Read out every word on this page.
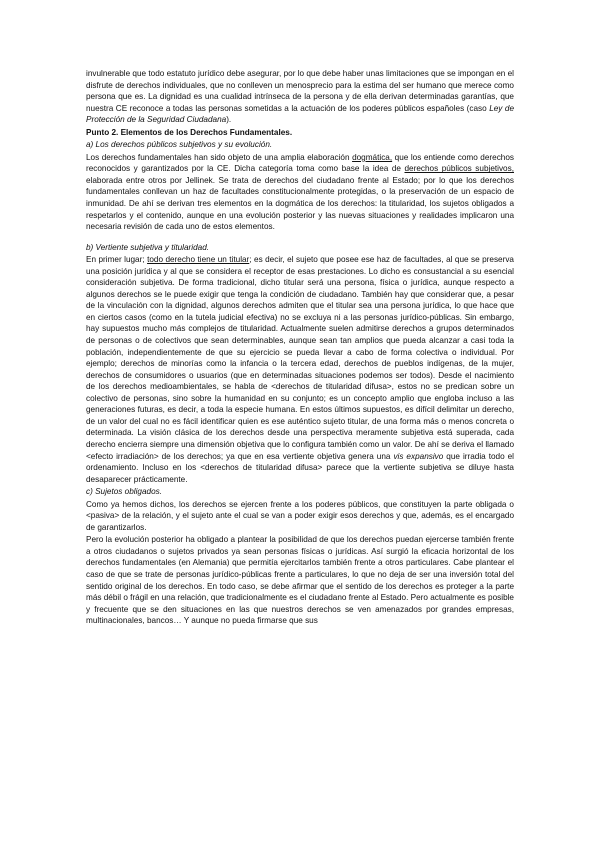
invulnerable que todo estatuto jurídico debe asegurar, por lo que debe haber unas limitaciones que se impongan en el disfrute de derechos individuales, que no conlleven un menosprecio para la estima del ser humano que merece como persona que es. La dignidad es una cualidad intrínseca de la persona y de ella derivan determinadas garantías, que nuestra CE reconoce a todas las personas sometidas a la actuación de los poderes públicos españoles (caso Ley de Protección de la Seguridad Ciudadana).

Punto 2. Elementos de los Derechos Fundamentales.

a) Los derechos públicos subjetivos y su evolución.

Los derechos fundamentales han sido objeto de una amplia elaboración dogmática, que los entiende como derechos reconocidos y garantizados por la CE. Dicha categoría toma como base la idea de derechos públicos subjetivos, elaborada entre otros por Jellinek. Se trata de derechos del ciudadano frente al Estado; por lo que los derechos fundamentales conllevan un haz de facultades constitucionalmente protegidas, o la preservación de un espacio de inmunidad. De ahí se derivan tres elementos en la dogmática de los derechos: la titularidad, los sujetos obligados a respetarlos y el contenido, aunque en una evolución posterior y las nuevas situaciones y realidades implicaron una necesaria revisión de cada uno de estos elementos.

b) Vertiente subjetiva y titularidad.

En primer lugar; todo derecho tiene un titular; es decir, el sujeto que posee ese haz de facultades, al que se preserva una posición jurídica y al que se considera el receptor de esas prestaciones. Lo dicho es consustancial a su esencial consideración subjetiva. De forma tradicional, dicho titular será una persona, física o jurídica, aunque respecto a algunos derechos se le puede exigir que tenga la condición de ciudadano. También hay que considerar que, a pesar de la vinculación con la dignidad, algunos derechos admiten que el titular sea una persona jurídica, lo que hace que en ciertos casos (como en la tutela judicial efectiva) no se excluya ni a las personas jurídico-públicas. Sin embargo, hay supuestos mucho más complejos de titularidad. Actualmente suelen admitirse derechos a grupos determinados de personas o de colectivos que sean determinables, aunque sean tan amplios que pueda alcanzar a casi toda la población, independientemente de que su ejercicio se pueda llevar a cabo de forma colectiva o individual. Por ejemplo; derechos de minorías como la infancia o la tercera edad, derechos de pueblos indígenas, de la mujer, derechos de consumidores o usuarios (que en determinadas situaciones podemos ser todos). Desde el nacimiento de los derechos medioambientales, se habla de <derechos de titularidad difusa>, estos no se predican sobre un colectivo de personas, sino sobre la humanidad en su conjunto; es un concepto amplio que engloba incluso a las generaciones futuras, es decir, a toda la especie humana. En estos últimos supuestos, es difícil delimitar un derecho, de un valor del cual no es fácil identificar quien es ese auténtico sujeto titular, de una forma más o menos concreta o determinada. La visión clásica de los derechos desde una perspectiva meramente subjetiva está superada, cada derecho encierra siempre una dimensión objetiva que lo configura también como un valor. De ahí se deriva el llamado <efecto irradiación> de los derechos; ya que en esa vertiente objetiva genera una vis expansivo que irradia todo el ordenamiento. Incluso en los <derechos de titularidad difusa> parece que la vertiente subjetiva se diluye hasta desaparecer prácticamente.

c) Sujetos obligados.

Como ya hemos dichos, los derechos se ejercen frente a los poderes públicos, que constituyen la parte obligada o <pasiva> de la relación, y el sujeto ante el cual se van a poder exigir esos derechos y que, además, es el encargado de garantizarlos.

Pero la evolución posterior ha obligado a plantear la posibilidad de que los derechos puedan ejercerse también frente a otros ciudadanos o sujetos privados ya sean personas físicas o jurídicas. Así surgió la eficacia horizontal de los derechos fundamentales (en Alemania) que permitía ejercitarlos también frente a otros particulares. Cabe plantear el caso de que se trate de personas jurídico-públicas frente a particulares, lo que no deja de ser una inversión total del sentido original de los derechos. En todo caso, se debe afirmar que el sentido de los derechos es proteger a la parte más débil o frágil en una relación, que tradicionalmente es el ciudadano frente al Estado. Pero actualmente es posible y frecuente que se den situaciones en las que nuestros derechos se ven amenazados por grandes empresas, multinacionales, bancos… Y aunque no pueda firmarse que sus
